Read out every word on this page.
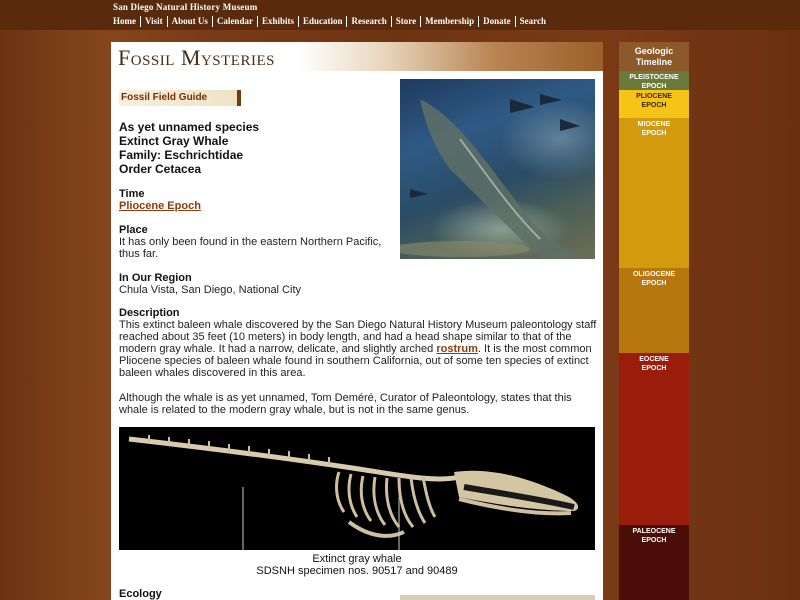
San Diego Natural History Museum
Home	Visit	About Us	Calendar	Exhibits	Education	Research	Store	Membership	Donate	Search
Fossil Mysteries
Fossil Field Guide
As yet unnamed species
Extinct Gray Whale
Family: Eschrichtidae
Order Cetacea
Time
Pliocene Epoch
Place
It has only been found in the eastern Northern Pacific, thus far.
In Our Region
Chula Vista, San Diego, National City
Description
This extinct baleen whale discovered by the San Diego Natural History Museum paleontology staff reached about 35 feet (10 meters) in body length, and had a head shape similar to that of the modern gray whale. It had a narrow, delicate, and slightly arched rostrum. It is the most common Pliocene species of baleen whale found in southern California, out of some ten species of extinct baleen whales discovered in this area.
Although the whale is as yet unnamed, Tom Deméré, Curator of Paleontology, states that this whale is related to the modern gray whale, but is not in the same genus.
Extinct gray whale
SDSNH specimen nos. 90517 and 90489
Ecology
Geologic
Timeline
PLEISTOCENE
EPOCH
PLIOCENE
EPOCH
MIOCENE
EPOCH
OLIGOCENE
EPOCH
EOCENE
EPOCH
PALEOCENE
EPOCH
